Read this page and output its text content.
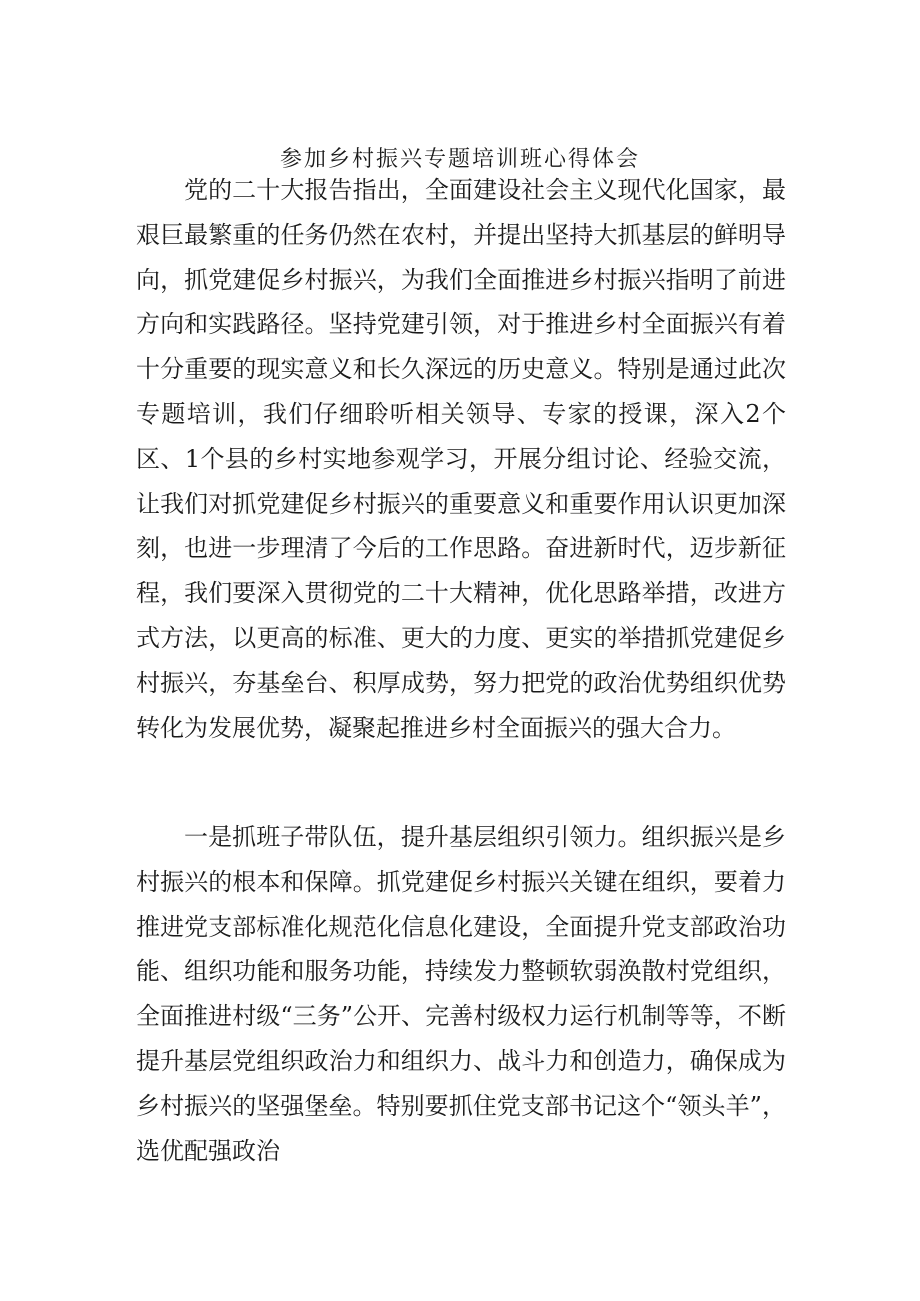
参加乡村振兴专题培训班心得体会

党的二十大报告指出，全面建设社会主义现代化国家，最艰巨最繁重的任务仍然在农村，并提出坚持大抓基层的鲜明导向，抓党建促乡村振兴，为我们全面推进乡村振兴指明了前进方向和实践路径。坚持党建引领，对于推进乡村全面振兴有着十分重要的现实意义和长久深远的历史意义。特别是通过此次专题培训，我们仔细聆听相关领导、专家的授课，深入2个区、1个县的乡村实地参观学习，开展分组讨论、经验交流，让我们对抓党建促乡村振兴的重要意义和重要作用认识更加深刻，也进一步理清了今后的工作思路。奋进新时代，迈步新征程，我们要深入贯彻党的二十大精神，优化思路举措，改进方式方法，以更高的标准、更大的力度、更实的举措抓党建促乡村振兴，夯基垒台、积厚成势，努力把党的政治优势组织优势转化为发展优势，凝聚起推进乡村全面振兴的强大合力。

一是抓班子带队伍，提升基层组织引领力。组织振兴是乡村振兴的根本和保障。抓党建促乡村振兴关键在组织，要着力推进党支部标准化规范化信息化建设，全面提升党支部政治功能、组织功能和服务功能，持续发力整顿软弱涣散村党组织，全面推进村级“三务”公开、完善村级权力运行机制等等，不断提升基层党组织政治力和组织力、战斗力和创造力，确保成为乡村振兴的坚强堡垒。特别要抓住党支部书记这个“领头羊”，选优配强政治
